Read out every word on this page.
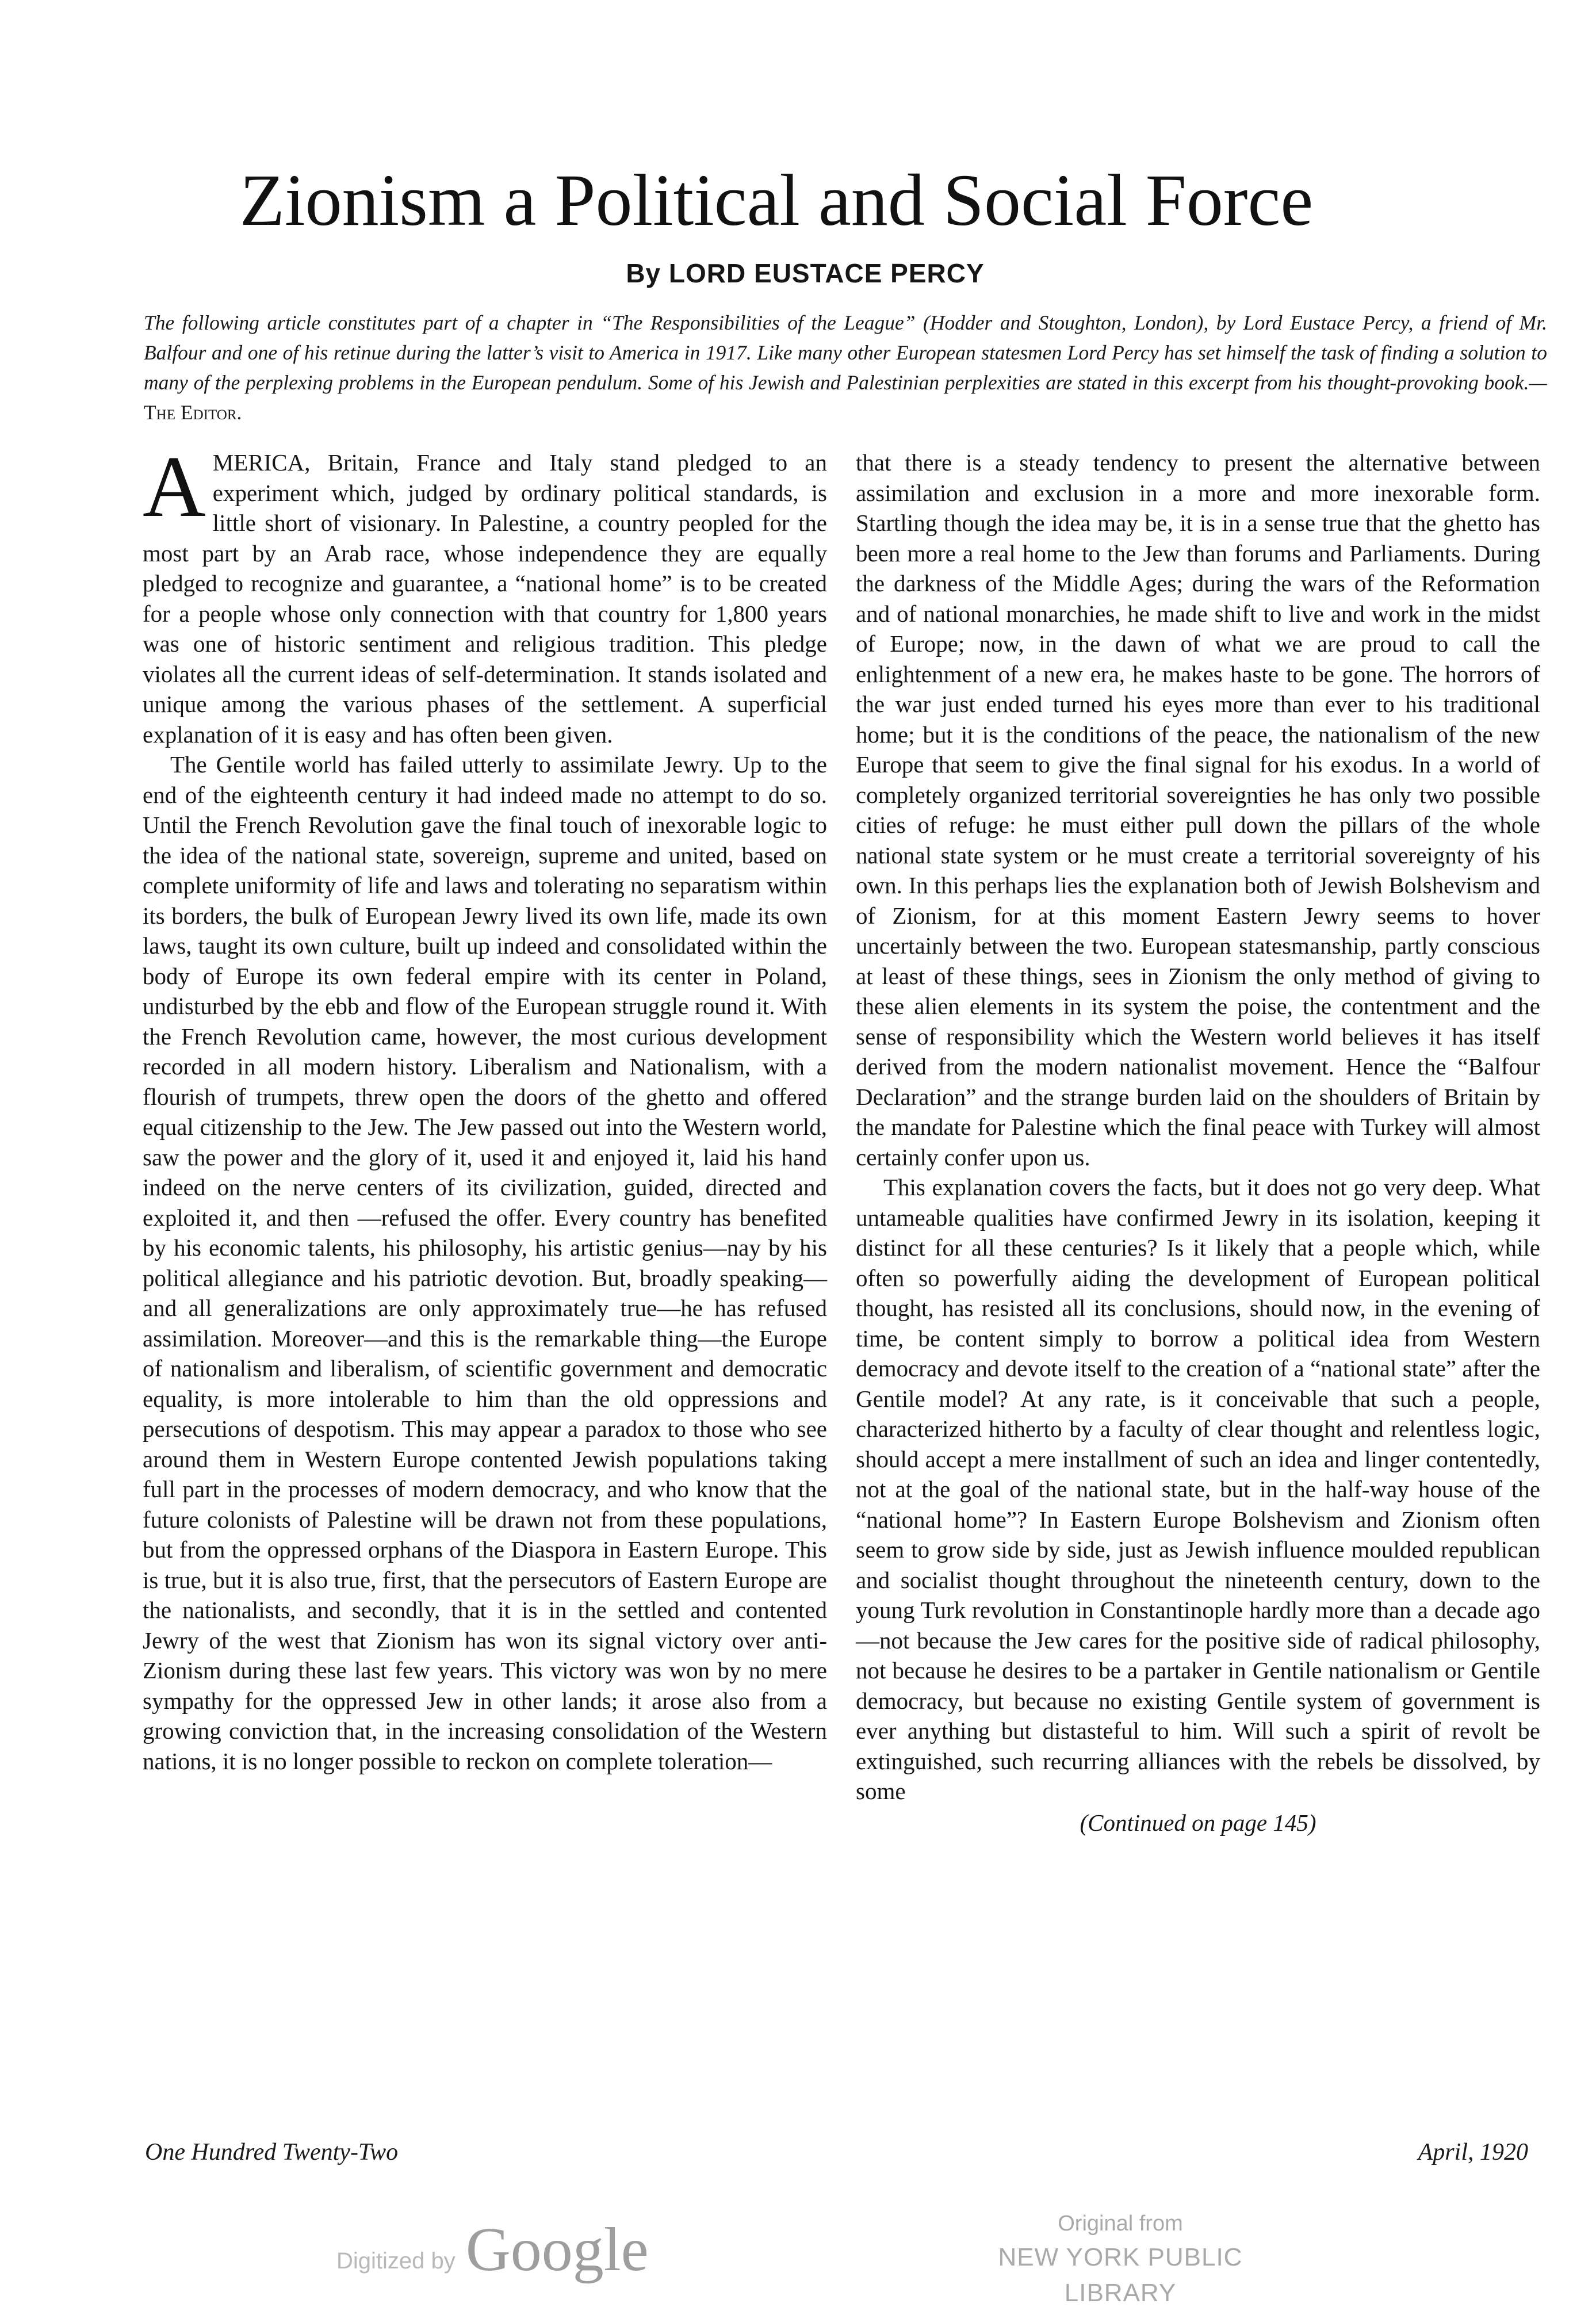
Zionism a Political and Social Force
By LORD EUSTACE PERCY

The following article constitutes part of a chapter in “The Responsibilities of the League” (Hodder and Stoughton, London), by Lord Eustace Percy, a friend of Mr. Balfour and one of his retinue during the latter’s visit to America in 1917. Like many other European statesmen Lord Percy has set himself the task of finding a solution to many of the perplexing problems in the European pendulum. Some of his Jewish and Palestinian perplexities are stated in this excerpt from his thought-provoking book.—The Editor.

AMERICA, Britain, France and Italy stand pledged to an experiment which, judged by ordinary political standards, is little short of visionary. In Palestine, a country peopled for the most part by an Arab race, whose independence they are equally pledged to recognize and guarantee, a “national home” is to be created for a people whose only connection with that country for 1,800 years was one of historic sentiment and religious tradition. This pledge violates all the current ideas of self-determination. It stands isolated and unique among the various phases of the settlement. A superficial explanation of it is easy and has often been given.

The Gentile world has failed utterly to assimilate Jewry. Up to the end of the eighteenth century it had indeed made no attempt to do so. Until the French Revolution gave the final touch of inexorable logic to the idea of the national state, sovereign, supreme and united, based on complete uniformity of life and laws and tolerating no separatism within its borders, the bulk of European Jewry lived its own life, made its own laws, taught its own culture, built up indeed and consolidated within the body of Europe its own federal empire with its center in Poland, undisturbed by the ebb and flow of the European struggle round it. With the French Revolution came, however, the most curious development recorded in all modern history. Liberalism and Nationalism, with a flourish of trumpets, threw open the doors of the ghetto and offered equal citizenship to the Jew. The Jew passed out into the Western world, saw the power and the glory of it, used it and enjoyed it, laid his hand indeed on the nerve centers of its civilization, guided, directed and exploited it, and then —refused the offer. Every country has benefited by his economic talents, his philosophy, his artistic genius—nay by his political allegiance and his patriotic devotion. But, broadly speaking—and all generalizations are only approximately true—he has refused assimilation. Moreover—and this is the remarkable thing—the Europe of nationalism and liberalism, of scientific government and democratic equality, is more intolerable to him than the old oppressions and persecutions of despotism. This may appear a paradox to those who see around them in Western Europe contented Jewish populations taking full part in the processes of modern democracy, and who know that the future colonists of Palestine will be drawn not from these populations, but from the oppressed orphans of the Diaspora in Eastern Europe. This is true, but it is also true, first, that the persecutors of Eastern Europe are the nationalists, and secondly, that it is in the settled and contented Jewry of the west that Zionism has won its signal victory over anti-Zionism during these last few years. This victory was won by no mere sympathy for the oppressed Jew in other lands; it arose also from a growing conviction that, in the increasing consolidation of the Western nations, it is no longer possible to reckon on complete toleration—

that there is a steady tendency to present the alternative between assimilation and exclusion in a more and more inexorable form. Startling though the idea may be, it is in a sense true that the ghetto has been more a real home to the Jew than forums and Parliaments. During the darkness of the Middle Ages; during the wars of the Reformation and of national monarchies, he made shift to live and work in the midst of Europe; now, in the dawn of what we are proud to call the enlightenment of a new era, he makes haste to be gone. The horrors of the war just ended turned his eyes more than ever to his traditional home; but it is the conditions of the peace, the nationalism of the new Europe that seem to give the final signal for his exodus. In a world of completely organized territorial sovereignties he has only two possible cities of refuge: he must either pull down the pillars of the whole national state system or he must create a territorial sovereignty of his own. In this perhaps lies the explanation both of Jewish Bolshevism and of Zionism, for at this moment Eastern Jewry seems to hover uncertainly between the two. European statesmanship, partly conscious at least of these things, sees in Zionism the only method of giving to these alien elements in its system the poise, the contentment and the sense of responsibility which the Western world believes it has itself derived from the modern nationalist movement. Hence the “Balfour Declaration” and the strange burden laid on the shoulders of Britain by the mandate for Palestine which the final peace with Turkey will almost certainly confer upon us.

This explanation covers the facts, but it does not go very deep. What untameable qualities have confirmed Jewry in its isolation, keeping it distinct for all these centuries? Is it likely that a people which, while often so powerfully aiding the development of European political thought, has resisted all its conclusions, should now, in the evening of time, be content simply to borrow a political idea from Western democracy and devote itself to the creation of a “national state” after the Gentile model? At any rate, is it conceivable that such a people, characterized hitherto by a faculty of clear thought and relentless logic, should accept a mere installment of such an idea and linger contentedly, not at the goal of the national state, but in the half-way house of the “national home”? In Eastern Europe Bolshevism and Zionism often seem to grow side by side, just as Jewish influence moulded republican and socialist thought throughout the nineteenth century, down to the young Turk revolution in Constantinople hardly more than a decade ago—not because the Jew cares for the positive side of radical philosophy, not because he desires to be a partaker in Gentile nationalism or Gentile democracy, but because no existing Gentile system of government is ever anything but distasteful to him. Will such a spirit of revolt be extinguished, such recurring alliances with the rebels be dissolved, by some

(Continued on page 145)

One Hundred Twenty-Two	April, 1920
Digitized by Google	Original from
NEW YORK PUBLIC LIBRARY
